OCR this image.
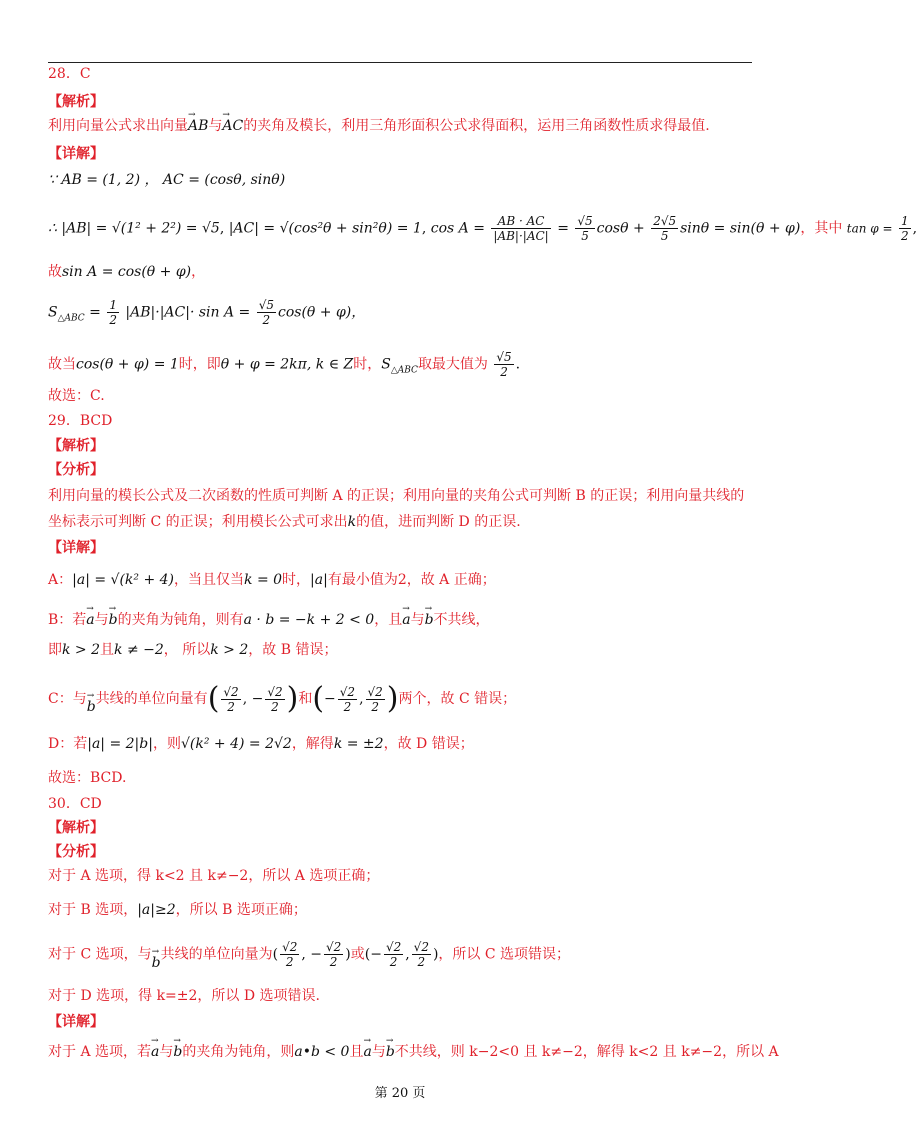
28．C
【解析】
利用向量公式求出向量→ AB与→ AC的夹角及模长，利用三角形面积公式求得面积，运用三角函数性质求得最值.
【详解】
∵ AB = (1, 2) ， AC = (cosθ, sinθ)
∴ |AB| = √(1² + 2²) = √5, |AC| = √(cos²θ + sin²θ) = 1, $\cos A = \frac{AB \cdot AC}{|AB|\cdot|AC|} = \frac{√5}{5}$ $\cos\theta + \frac{2√5}{5}$ sinθ = sin(θ + φ)，其中 $\tan \varphi = \frac{1}{2}$ ,
故sin A = cos(θ + φ)，
$S_{\triangle ABC} = \frac{1}{2} |AB|\cdot|AC|\cdot \sin A = \frac{√5}{2} \cos(\theta + \varphi)$，
故当cos(θ + φ) = 1时，即θ + φ = 2kπ, k ∈ Z时，$S_{\triangle ABC}$取最大值为 $\frac{√5}{2}$ .
故选：C.
29．BCD
【解析】
【分析】
利用向量的模长公式及二次函数的性质可判断 A 的正误；利用向量的夹角公式可判断 B 的正误；利用向量共线的
坐标表示可判断 C 的正误；利用模长公式可求出k的值，进而判断 D 的正误.
【详解】
A：|a| = √(k² + 4)，当且仅当k = 0时，|a|有最小值为2，故 A 正确；
B：若→ a与→ b的夹角为钝角，则有a · b = −k + 2 < 0，且→ a与→ b不共线，
即k > 2且k ≠ −2， 所以k > 2，故 B 错误；
C：与→ b共线的单位向量有( $\frac{√2}{2}$ , − $\frac{√2}{2}$ )和(− $\frac{√2}{2}$ , $\frac{√2}{2}$ )两个，故 C 错误；
D：若|a| = 2|b|，则√(k² + 4) = 2√2，解得k = ±2，故 D 错误；
故选：BCD.
30．CD
【解析】
【分析】
对于 A 选项，得 k<2 且 k≠−2，所以 A 选项正确；
对于 B 选项，|a|≥2，所以 B 选项正确；
对于 C 选项，与→ b共线的单位向量为( $\frac{√2}{2}$ , − $\frac{√2}{2}$ )或(− $\frac{√2}{2}$ , $\frac{√2}{2}$ )，所以 C 选项错误；
对于 D 选项，得 k=±2，所以 D 选项错误.
【详解】
对于 A 选项，若→ a与→ b的夹角为钝角，则a•b < 0且→ a与→ b不共线，则 k−2<0 且 k≠−2，解得 k<2 且 k≠−2，所以 A
第 20 页
